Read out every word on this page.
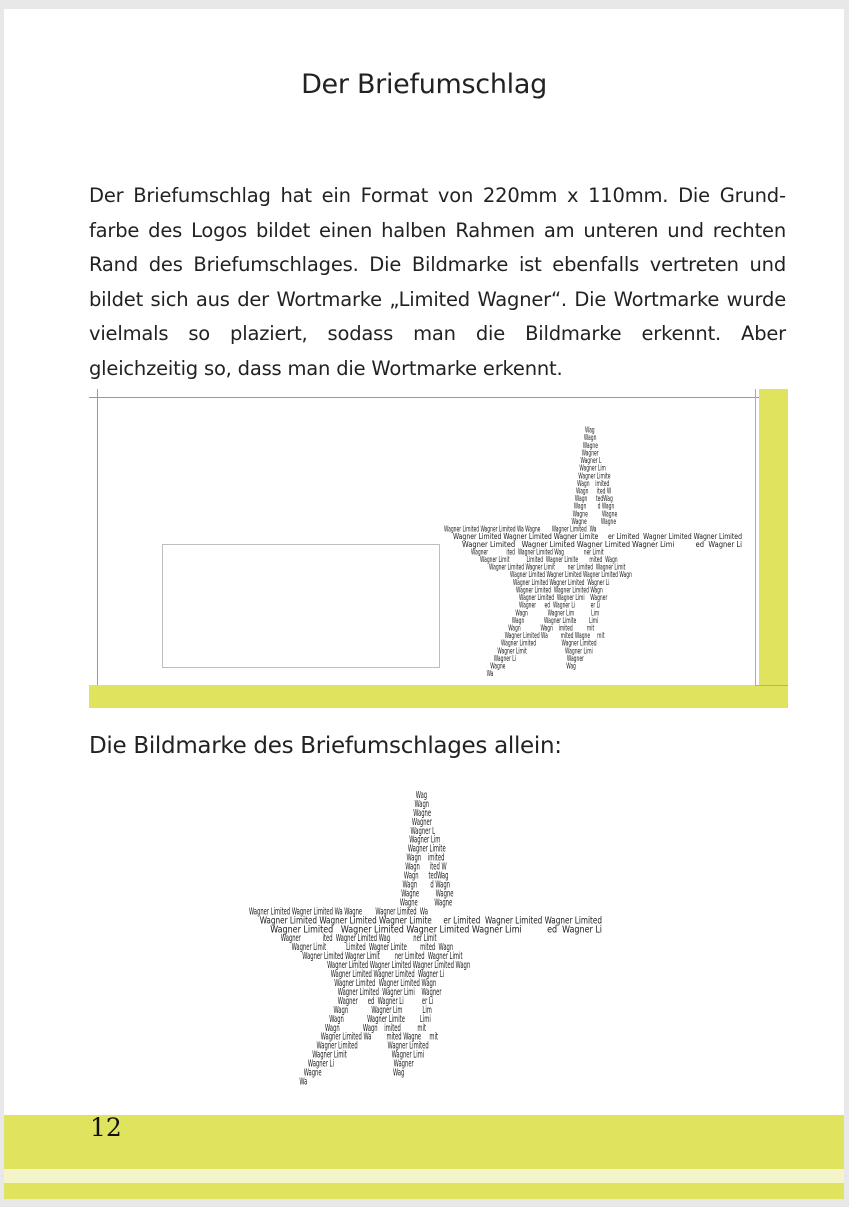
Der Briefumschlag
Der Briefumschlag hat ein Format von 220mm x 110mm. Die Grundfarbe des Logos bildet einen halben Rahmen am unteren und rechten Rand des Briefumschlages. Die Bildmarke ist ebenfalls vertreten und bildet sich aus der Wortmarke „Limited Wagner“. Die Wortmarke wurde vielmals so plaziert, sodass man die Bildmarke erkennt. Aber gleichzeitig so, dass man die Wortmarke erkennt.
Wag
Wagn
Wagne
Wagner
Wagner L
Wagner Lim
Wagner Limite
Wagn    imited
Wagn      ited W
Wagn      tedWag
Wagn        d Wagn
Wagne          Wagne
Wagne          Wagne
Wagner Limited Wagner Limited Wa Wagne        Wagner Limited  Wa
Wagner Limited Wagner Limited Wagner Limite     er Limited  Wagner Limited Wagner Limited
Wagner Limited   Wagner Limited Wagner Limited Wagner Limi          ed  Wagner Li
Wagner             ited  Wagner Limited Wag              ner Limit
Wagner Limit            Limited  Wagner Limite        mited  Wagn
Wagner Limited Wagner Limit         ner Limited  Wagner Limit
Wagner Limited Wagner Limited Wagner Limited Wagn
Wagner Limited Wagner Limited  Wagner Li
Wagner Limited  Wagner Limited Wagn
Wagner Limited  Wagner Limi    Wagner
Wagner      ed  Wagner Li           er Li
Wagn              Wagner Lim            Lim
Wagn              Wagner Limite         Limi
Wagn              Wagn    imited          mit
Wagner Limited Wa         mited Wagne     mit
Wagner Limited                  Wagner Limited
Wagner Limit                           Wagner Limi
Wagner Li                                    Wagner
Wagne                                           Wag
Wa
Die Bildmarke des Briefumschlages allein:
Wag
Wagn
Wagne
Wagner
Wagner L
Wagner Lim
Wagner Limite
Wagn    imited
Wagn      ited W
Wagn      tedWag
Wagn        d Wagn
Wagne          Wagne
Wagne          Wagne
Wagner Limited Wagner Limited Wa Wagne        Wagner Limited  Wa
Wagner Limited Wagner Limited Wagner Limite     er Limited  Wagner Limited Wagner Limited
Wagner Limited   Wagner Limited Wagner Limited Wagner Limi          ed  Wagner Li
Wagner             ited  Wagner Limited Wag              ner Limit
Wagner Limit            Limited  Wagner Limite        mited  Wagn
Wagner Limited Wagner Limit         ner Limited  Wagner Limit
Wagner Limited Wagner Limited Wagner Limited Wagn
Wagner Limited Wagner Limited  Wagner Li
Wagner Limited  Wagner Limited Wagn
Wagner Limited  Wagner Limi    Wagner
Wagner      ed  Wagner Li           er Li
Wagn              Wagner Lim            Lim
Wagn              Wagner Limite         Limi
Wagn              Wagn    imited          mit
Wagner Limited Wa         mited Wagne     mit
Wagner Limited                  Wagner Limited
Wagner Limit                           Wagner Limi
Wagner Li                                    Wagner
Wagne                                           Wag
Wa
12
